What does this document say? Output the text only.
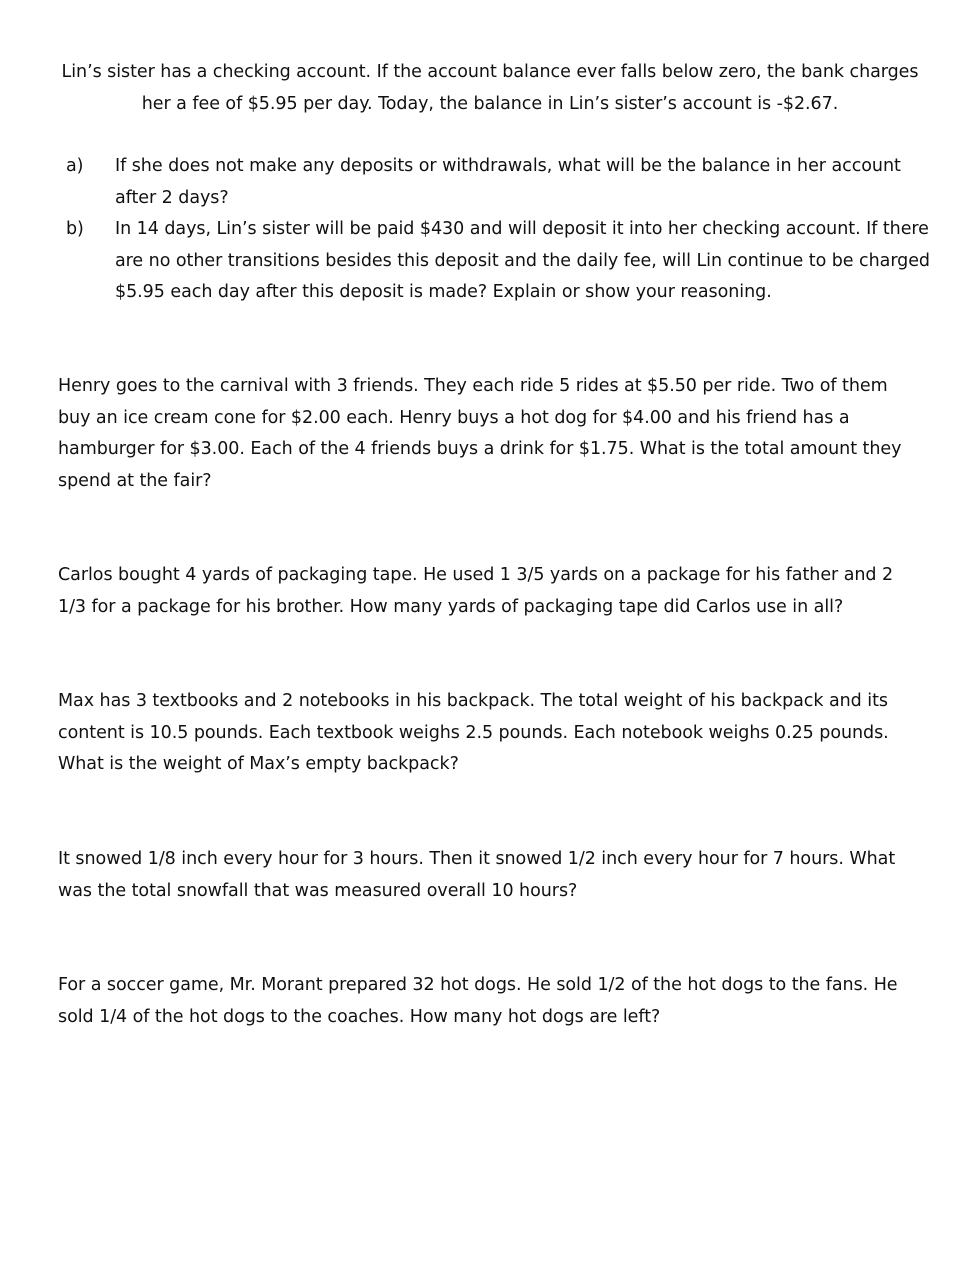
Lin’s sister has a checking account. If the account balance ever falls below zero, the bank charges her a fee of $5.95 per day. Today, the balance in Lin’s sister’s account is -$2.67.

a) If she does not make any deposits or withdrawals, what will be the balance in her account after 2 days?
b) In 14 days, Lin’s sister will be paid $430 and will deposit it into her checking account. If there are no other transitions besides this deposit and the daily fee, will Lin continue to be charged $5.95 each day after this deposit is made? Explain or show your reasoning.

Henry goes to the carnival with 3 friends. They each ride 5 rides at $5.50 per ride. Two of them buy an ice cream cone for $2.00 each. Henry buys a hot dog for $4.00 and his friend has a hamburger for $3.00. Each of the 4 friends buys a drink for $1.75. What is the total amount they spend at the fair?

Carlos bought 4 yards of packaging tape. He used 1 3/5 yards on a package for his father and 2 1/3 for a package for his brother. How many yards of packaging tape did Carlos use in all?

Max has 3 textbooks and 2 notebooks in his backpack. The total weight of his backpack and its content is 10.5 pounds. Each textbook weighs 2.5 pounds. Each notebook weighs 0.25 pounds. What is the weight of Max’s empty backpack?

It snowed 1/8 inch every hour for 3 hours. Then it snowed 1/2 inch every hour for 7 hours. What was the total snowfall that was measured overall 10 hours?

For a soccer game, Mr. Morant prepared 32 hot dogs. He sold 1/2 of the hot dogs to the fans. He sold 1/4 of the hot dogs to the coaches. How many hot dogs are left?
